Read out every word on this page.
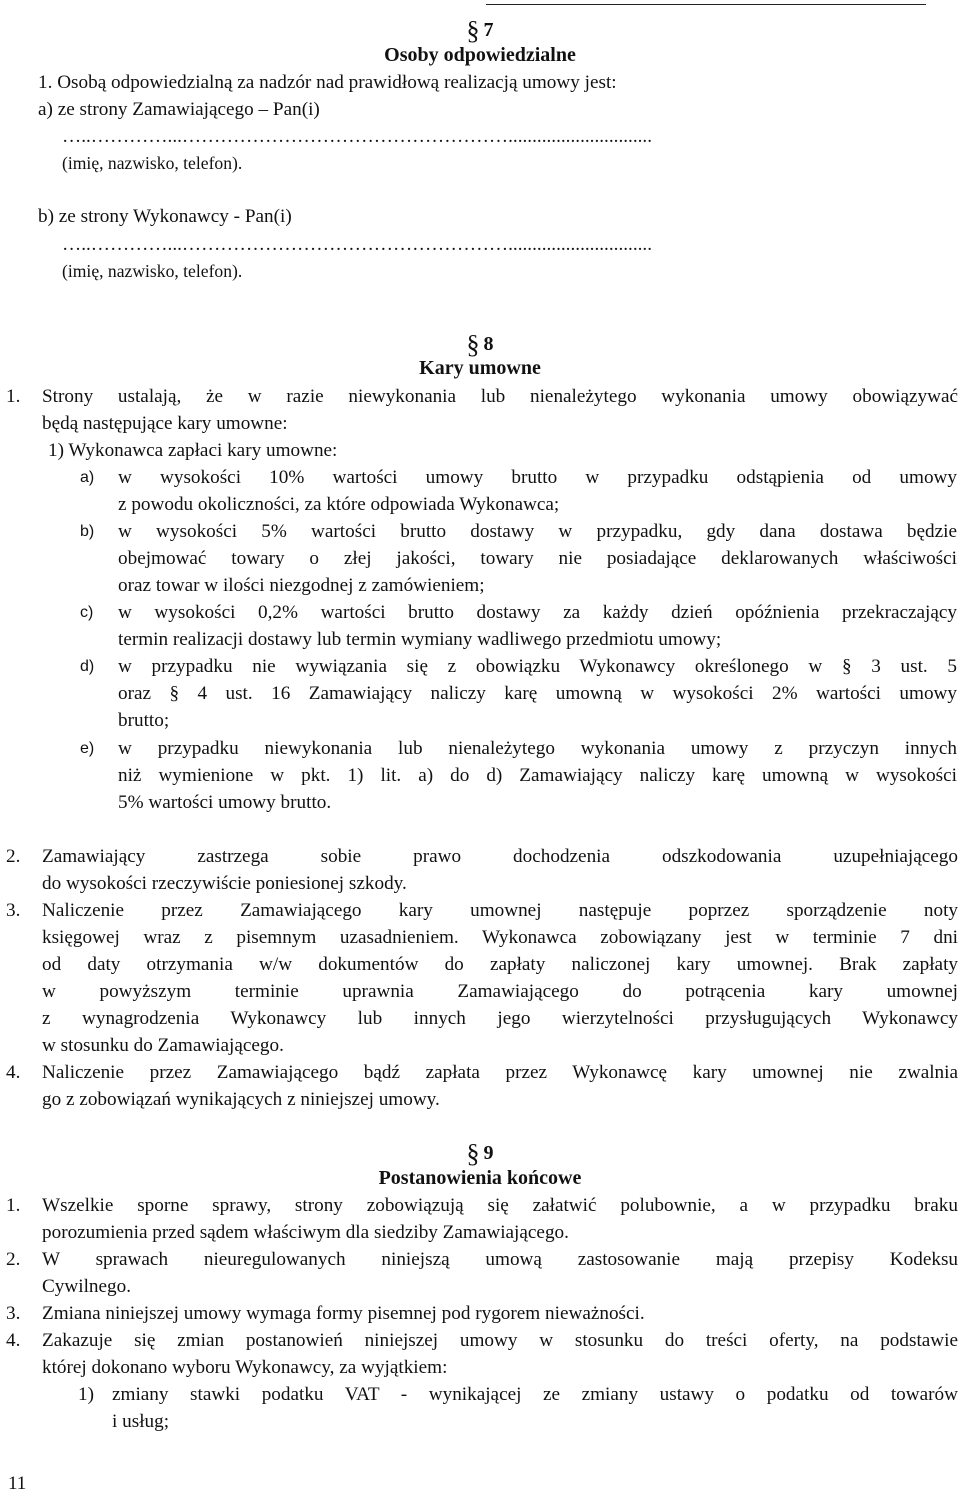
§ 7
Osoby odpowiedzialne
1. Osobą odpowiedzialną za nadzór nad prawidłową realizacją umowy jest:
a) ze strony Zamawiającego – Pan(i)
…..…………...……………………………………………..............................
(imię, nazwisko, telefon).
b) ze strony Wykonawcy - Pan(i)
…..…………...……………………………………………..............................
(imię, nazwisko, telefon).
§ 8
Kary umowne
1. Strony ustalają, że w razie niewykonania lub nienależytego wykonania umowy obowiązywać
będą następujące kary umowne:
1) Wykonawca zapłaci kary umowne:
a) w wysokości 10% wartości umowy brutto w przypadku odstąpienia od umowy
z powodu okoliczności, za które odpowiada Wykonawca;
b) w wysokości 5% wartości brutto dostawy w przypadku, gdy dana dostawa będzie
obejmować towary o złej jakości, towary nie posiadające deklarowanych właściwości
oraz towar w ilości niezgodnej z zamówieniem;
c) w wysokości 0,2% wartości brutto dostawy za każdy dzień opóźnienia przekraczający
termin realizacji dostawy lub termin wymiany wadliwego przedmiotu umowy;
d) w przypadku nie wywiązania się z obowiązku Wykonawcy określonego w § 3 ust. 5
oraz § 4 ust. 16 Zamawiający naliczy karę umowną w wysokości 2% wartości umowy
brutto;
e) w przypadku niewykonania lub nienależytego wykonania umowy z przyczyn innych
niż wymienione w pkt. 1) lit. a) do d) Zamawiający naliczy karę umowną w wysokości
5% wartości umowy brutto.
2. Zamawiający zastrzega sobie prawo dochodzenia odszkodowania uzupełniającego
do wysokości rzeczywiście poniesionej szkody.
3. Naliczenie przez Zamawiającego kary umownej następuje poprzez sporządzenie noty
księgowej wraz z pisemnym uzasadnieniem. Wykonawca zobowiązany jest w terminie 7 dni
od daty otrzymania w/w dokumentów do zapłaty naliczonej kary umownej. Brak zapłaty
w powyższym terminie uprawnia Zamawiającego do potrącenia kary umownej
z wynagrodzenia Wykonawcy lub innych jego wierzytelności przysługujących Wykonawcy
w stosunku do Zamawiającego.
4. Naliczenie przez Zamawiającego bądź zapłata przez Wykonawcę kary umownej nie zwalnia
go z zobowiązań wynikających z niniejszej umowy.
§ 9
Postanowienia końcowe
1. Wszelkie sporne sprawy, strony zobowiązują się załatwić polubownie, a w przypadku braku
porozumienia przed sądem właściwym dla siedziby Zamawiającego.
2. W sprawach nieuregulowanych niniejszą umową zastosowanie mają przepisy Kodeksu
Cywilnego.
3. Zmiana niniejszej umowy wymaga formy pisemnej pod rygorem nieważności.
4. Zakazuje się zmian postanowień niniejszej umowy w stosunku do treści oferty, na podstawie
której dokonano wyboru Wykonawcy, za wyjątkiem:
1) zmiany stawki podatku VAT - wynikającej ze zmiany ustawy o podatku od towarów
i usług;
11
